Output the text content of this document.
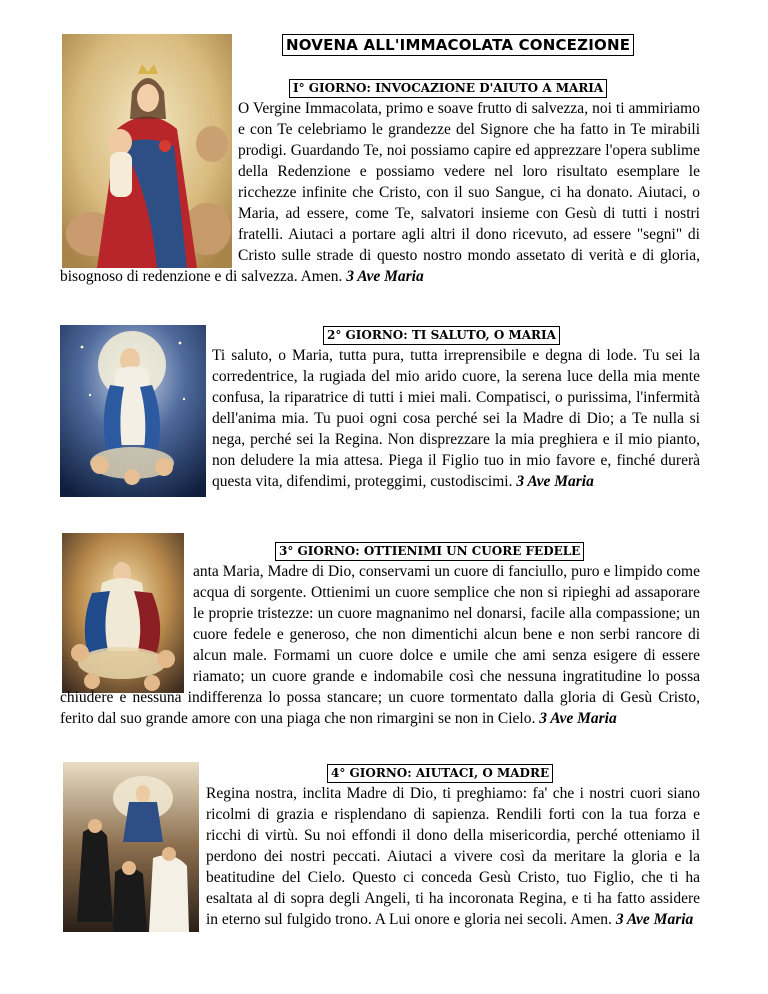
NOVENA ALL'IMMACOLATA CONCEZIONE
I° GIORNO: INVOCAZIONE D'AIUTO A MARIA

O Vergine Immacolata, primo e soave frutto di salvezza, noi ti ammiriamo e con Te celebriamo le grandezze del Signore che ha fatto in Te mirabili prodigi. Guardando Te, noi possiamo capire ed apprezzare l'opera sublime della Redenzione e possiamo vedere nel loro risultato esemplare le ricchezze infinite che Cristo, con il suo Sangue, ci ha donato. Aiutaci, o Maria, ad essere, come Te, salvatori insieme con Gesù di tutti i nostri fratelli. Aiutaci a portare agli altri il dono ricevuto, ad essere "segni" di Cristo sulle strade di questo nostro mondo assetato di verità e di gloria, bisognoso di redenzione e di salvezza. Amen. 3 Ave Maria

2° GIORNO: TI SALUTO, O MARIA

Ti saluto, o Maria, tutta pura, tutta irreprensibile e degna di lode. Tu sei la corredentrice, la rugiada del mio arido cuore, la serena luce della mia mente confusa, la riparatrice di tutti i miei mali. Compatisci, o purissima, l'infermità dell'anima mia. Tu puoi ogni cosa perché sei la Madre di Dio; a Te nulla si nega, perché sei la Regina. Non disprezzare la mia preghiera e il mio pianto, non deludere la mia attesa. Piega il Figlio tuo in mio favore e, finché durerà questa vita, difendimi, proteggimi, custodiscimi. 3 Ave Maria

3° GIORNO: OTTIENIMI UN CUORE FEDELE

anta Maria, Madre di Dio, conservami un cuore di fanciullo, puro e limpido come acqua di sorgente. Ottienimi un cuore semplice che non si ripieghi ad assaporare le proprie tristezze: un cuore magnanimo nel donarsi, facile alla compassione; un cuore fedele e generoso, che non dimentichi alcun bene e non serbi rancore di alcun male. Formami un cuore dolce e umile che ami senza esigere di essere riamato; un cuore grande e indomabile così che nessuna ingratitudine lo possa chiudere e nessuna indifferenza lo possa stancare; un cuore tormentato dalla gloria di Gesù Cristo, ferito dal suo grande amore con una piaga che non rimargini se non in Cielo. 3 Ave Maria

4° GIORNO: AIUTACI, O MADRE

Regina nostra, inclita Madre di Dio, ti preghiamo: fa' che i nostri cuori siano ricolmi di grazia e risplendano di sapienza. Rendili forti con la tua forza e ricchi di virtù. Su noi effondi il dono della misericordia, perché otteniamo il perdono dei nostri peccati. Aiutaci a vivere così da meritare la gloria e la beatitudine del Cielo. Questo ci conceda Gesù Cristo, tuo Figlio, che ti ha esaltata al di sopra degli Angeli, ti ha incoronata Regina, e ti ha fatto assidere in eterno sul fulgido trono. A Lui onore e gloria nei secoli. Amen. 3 Ave Maria
